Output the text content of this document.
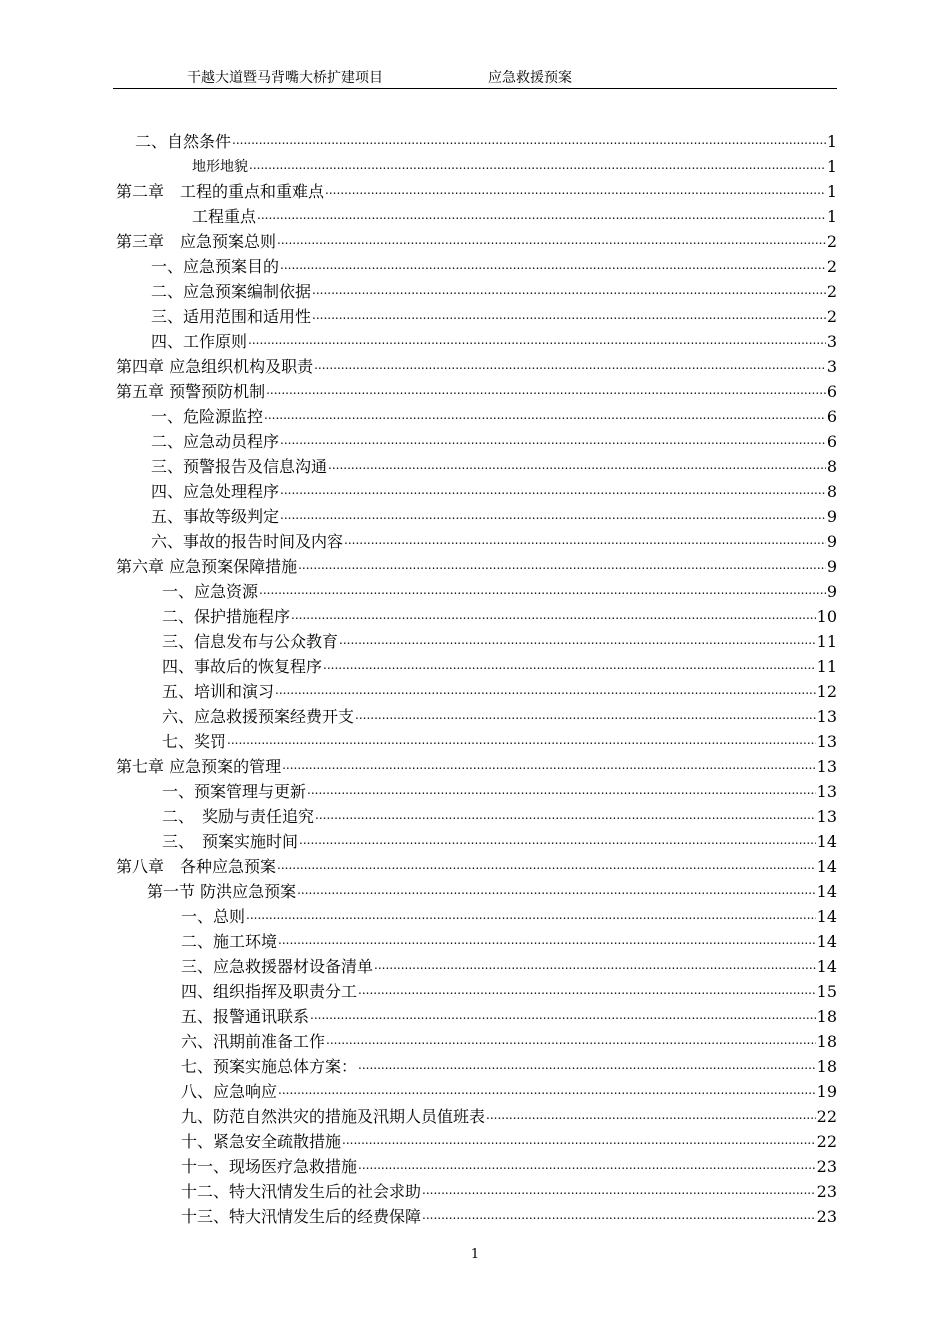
干越大道暨马背嘴大桥扩建项目	应急救援预案
二、自然条件 .....	1
地形地貌 .....	1
第二章　工程的重点和重难点 .....	1
工程重点 .....	1
第三章　应急预案总则 .....	2
一、应急预案目的 .....	2
二、应急预案编制依据 .....	2
三、适用范围和适用性 .....	2
四、工作原则 .....	3
第四章 应急组织机构及职责 .....	3
第五章 预警预防机制 .....	6
一、危险源监控 .....	6
二、应急动员程序 .....	6
三、预警报告及信息沟通 .....	8
四、应急处理程序 .....	8
五、事故等级判定 .....	9
六、事故的报告时间及内容 .....	9
第六章 应急预案保障措施 .....	9
一、应急资源 .....	9
二、保护措施程序 .....	10
三、信息发布与公众教育 .....	11
四、事故后的恢复程序 .....	11
五、培训和演习 .....	12
六、应急救援预案经费开支 .....	13
七、奖罚 .....	13
第七章 应急预案的管理 .....	13
一、预案管理与更新 .....	13
二、　奖励与责任追究 .....	13
三、　预案实施时间 .....	14
第八章　各种应急预案 .....	14
第一节 防洪应急预案 .....	14
一、总则 .....	14
二、施工环境 .....	14
三、应急救援器材设备清单 .....	14
四、组织指挥及职责分工 .....	15
五、报警通讯联系 .....	18
六、汛期前准备工作 .....	18
七、预案实施总体方案： .....	18
八、应急响应 .....	19
九、防范自然洪灾的措施及汛期人员值班表 .....	22
十、紧急安全疏散措施 .....	22
十一、现场医疗急救措施 .....	23
十二、特大汛情发生后的社会求助 .....	23
十三、特大汛情发生后的经费保障 .....	23
1
